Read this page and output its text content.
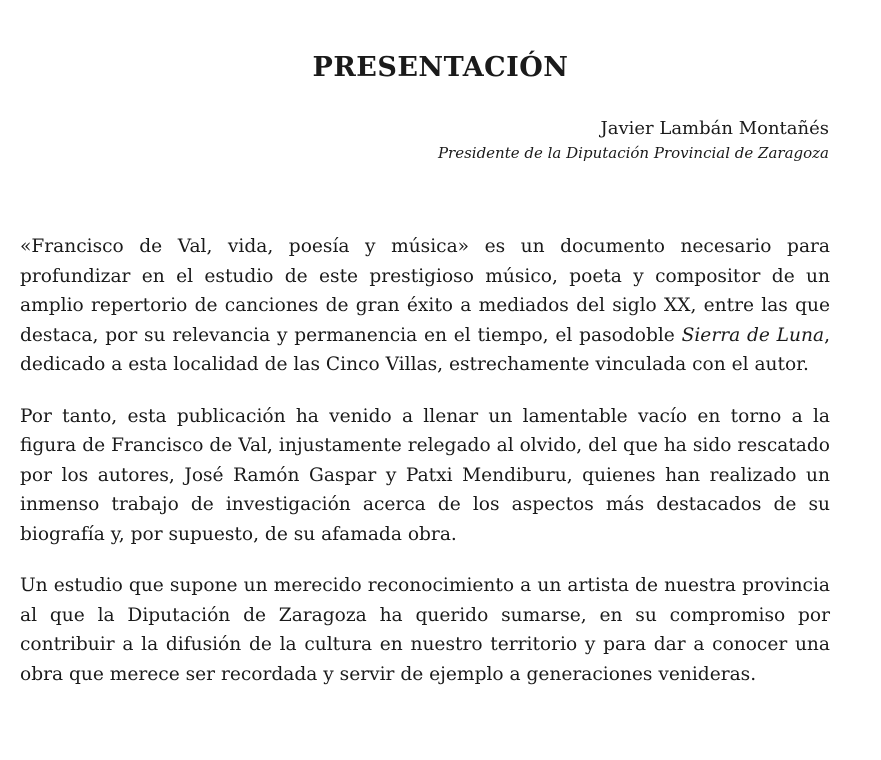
PRESENTACIÓN
Javier Lambán Montañés
Presidente de la Diputación Provincial de Zaragoza

«Francisco de Val, vida, poesía y música» es un documento necesario para profundizar en el estudio de este prestigioso músico, poeta y compositor de un amplio repertorio de canciones de gran éxito a mediados del siglo XX, entre las que destaca, por su relevancia y permanencia en el tiempo, el pasodoble Sierra de Luna, dedicado a esta localidad de las Cinco Villas, estrechamente vinculada con el autor.

Por tanto, esta publicación ha venido a llenar un lamentable vacío en torno a la figura de Francisco de Val, injustamente relegado al olvido, del que ha sido rescatado por los autores, José Ramón Gaspar y Patxi Mendiburu, quienes han realizado un inmenso trabajo de investigación acerca de los aspectos más destacados de su biografía y, por supuesto, de su afamada obra.

Un estudio que supone un merecido reconocimiento a un artista de nuestra provincia al que la Diputación de Zaragoza ha querido sumarse, en su compromiso por contribuir a la difusión de la cultura en nuestro territorio y para dar a conocer una obra que merece ser recordada y servir de ejemplo a generaciones venideras.
